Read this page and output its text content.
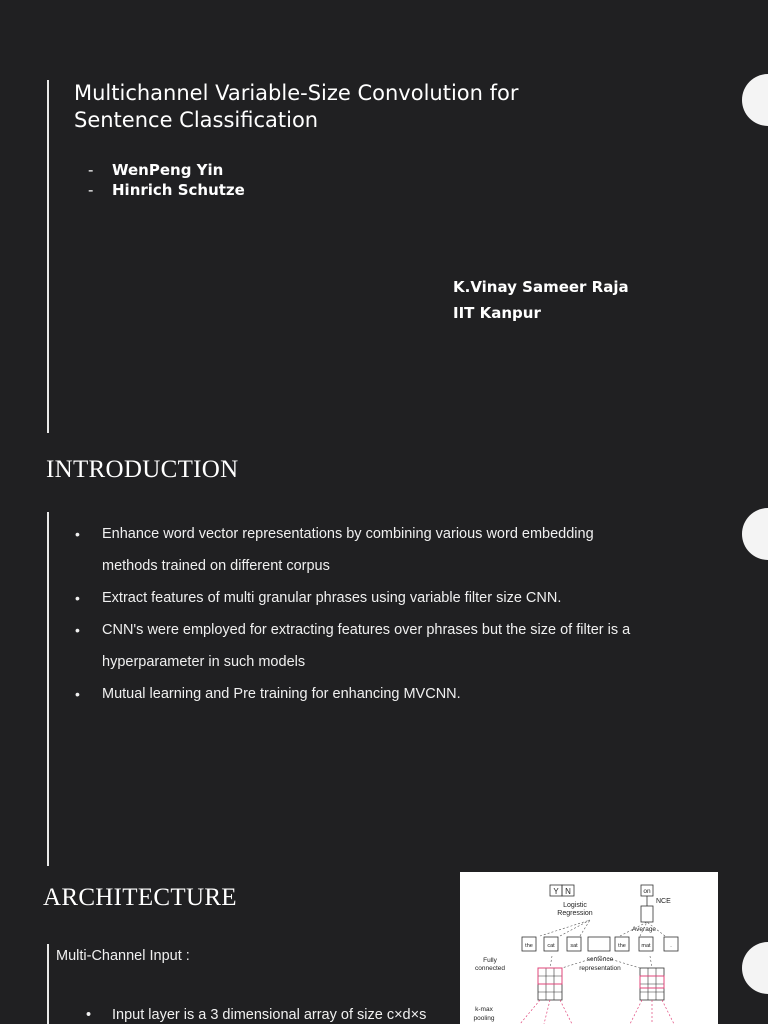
Multichannel Variable-Size Convolution for Sentence Classification
- WenPeng Yin
- Hinrich Schutze
K.Vinay Sameer Raja
IIT Kanpur
INTRODUCTION
• Enhance word vector representations by combining various word embedding methods trained on different corpus
• Extract features of multi granular phrases using variable filter size CNN.
• CNN's were employed for extracting features over phrases but the size of filter is a hyperparameter in such models
• Mutual learning and Pre training for enhancing MVCNN.
ARCHITECTURE
Multi-Channel Input :
• Input layer is a 3 dimensional array of size c×d×s
Y N
Logistic
Regression
on
NCE
Average
the	cat	sat	the	mat	.
Fully
connected
sentence
representation
k-max
pooling
